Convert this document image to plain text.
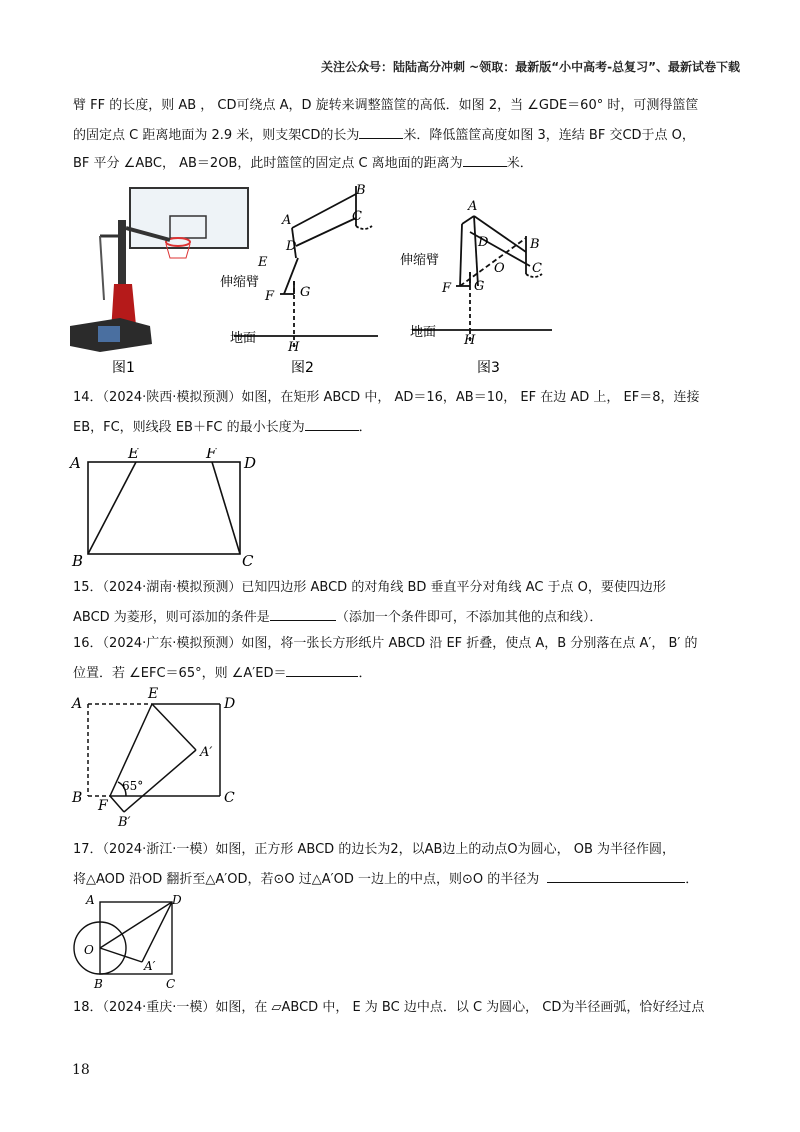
关注公众号：陆陆高分冲刺 ~领取：最新版“小中高考-总复习”、最新试卷下载
臂 FF 的长度，则 AB ， CD可绕点 A，D 旋转来调整篮筐的高低．如图 2，当 ∠GDE＝60° 时，可测得篮筐
的固定点 C 距离地面为 2.9 米，则支架CD的长为	米．降低篮筐高度如图 3，连结 BF 交CD于点 O，
BF 平分 ∠ABC， AB＝2OB，此时篮筐的固定点 C 离地面的距离为	米．
图1
B
A	C
D
E
伸缩臂
F G
地面
H
图2
A
D	B
O C
伸缩臂
F G
地面
H
图3
14．（2024·陕西·模拟预测）如图，在矩形 ABCD 中， AD＝16，AB＝10， EF 在边 AD 上， EF＝8，连接
EB，FC，则线段 EB＋FC 的最小长度为	．
A
E	F
D
B	C
15．（2024·湖南·模拟预测）已知四边形 ABCD 的对角线 BD 垂直平分对角线 AC 于点 O，要使四边形
ABCD 为菱形，则可添加的条件是	（添加一个条件即可，不添加其他的点和线）．
16．（2024·广东·模拟预测）如图，将一张长方形纸片 ABCD 沿 EF 折叠，使点 A，B 分别落在点 A′， B′ 的
位置．若 ∠EFC＝65°，则 ∠A′ED＝	．
A
E
D
A′
B F
65°
C
B′
17．（2024·浙江·一模）如图，正方形 ABCD 的边长为2，以AB边上的动点O为圆心， OB 为半径作圆，
将△AOD 沿OD 翻折至△A′OD，若⊙O 过△A′OD 一边上的中点，则⊙O 的半径为	．
A	D
O
A′
B	C
18．（2024·重庆·一模）如图，在 ▱ABCD 中， E 为 BC 边中点．以 C 为圆心， CD为半径画弧，恰好经过点
18
